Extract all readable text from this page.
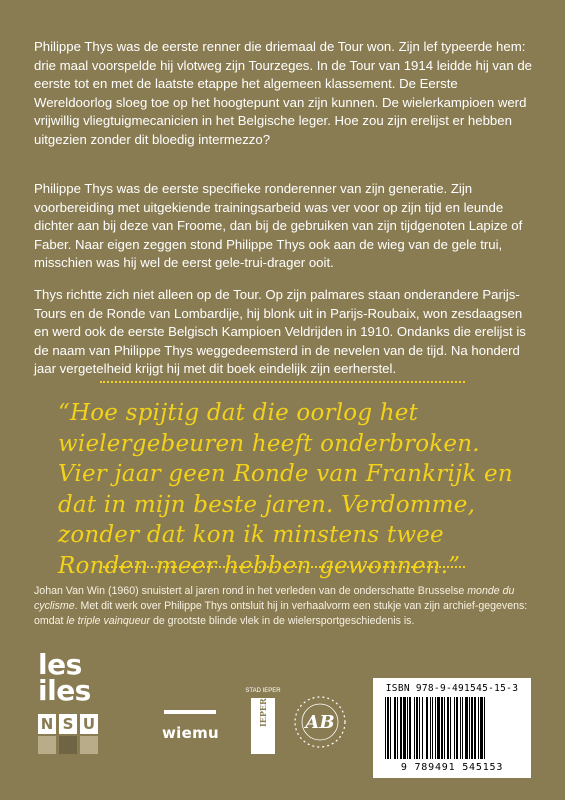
Philippe Thys was de eerste renner die driemaal de Tour won. Zijn lef typeerde hem: drie maal voorspelde hij vlotweg zijn Tourzeges. In de Tour van 1914 leidde hij van de eerste tot en met de laatste etappe het algemeen klassement. De Eerste Wereldoorlog sloeg toe op het hoogtepunt van zijn kunnen. De wielerkampioen werd vrijwillig vliegtuigmecanicien in het Belgische leger. Hoe zou zijn erelijst er hebben uitgezien zonder dit bloedig intermezzo?

Philippe Thys was de eerste specifieke ronderenner van zijn generatie. Zijn voorbereiding met uitgekiende trainingsarbeid was ver voor op zijn tijd en leunde dichter aan bij deze van Froome, dan bij de gebruiken van zijn tijdgenoten Lapize of Faber. Naar eigen zeggen stond Philippe Thys ook aan de wieg van de gele trui, misschien was hij wel de eerst gele-trui-drager ooit.

Thys richtte zich niet alleen op de Tour. Op zijn palmares staan onderandere Parijs-Tours en de Ronde van Lombardije, hij blonk uit in Parijs-Roubaix, won zesdaagsen en werd ook de eerste Belgisch Kampioen Veldrijden in 1910. Ondanks die erelijst is de naam van Philippe Thys weggedeemsterd in de nevelen van de tijd. Na honderd jaar vergetelheid krijgt hij met dit boek eindelijk zijn eerherstel.

“Hoe spijtig dat die oorlog het wielergebeuren heeft onderbroken. Vier jaar geen Ronde van Frankrijk en dat in mijn beste jaren. Verdomme, zonder dat kon ik minstens twee Ronden meer hebben gewonnen.”

Johan Van Win (1960) snuistert al jaren rond in het verleden van de onderschatte Brusselse monde du cyclisme. Met dit werk over Philippe Thys ontsluit hij in verhaalvorm een stukje van zijn archief-gegevens: omdat le triple vainqueur de grootste blinde vlek in de wielersportgeschiedenis is.

les
iles
N S U	wiemu
STAD IEPER
IEPER AB
ISBN 978-9-491545-15-3
9 789491 545153
